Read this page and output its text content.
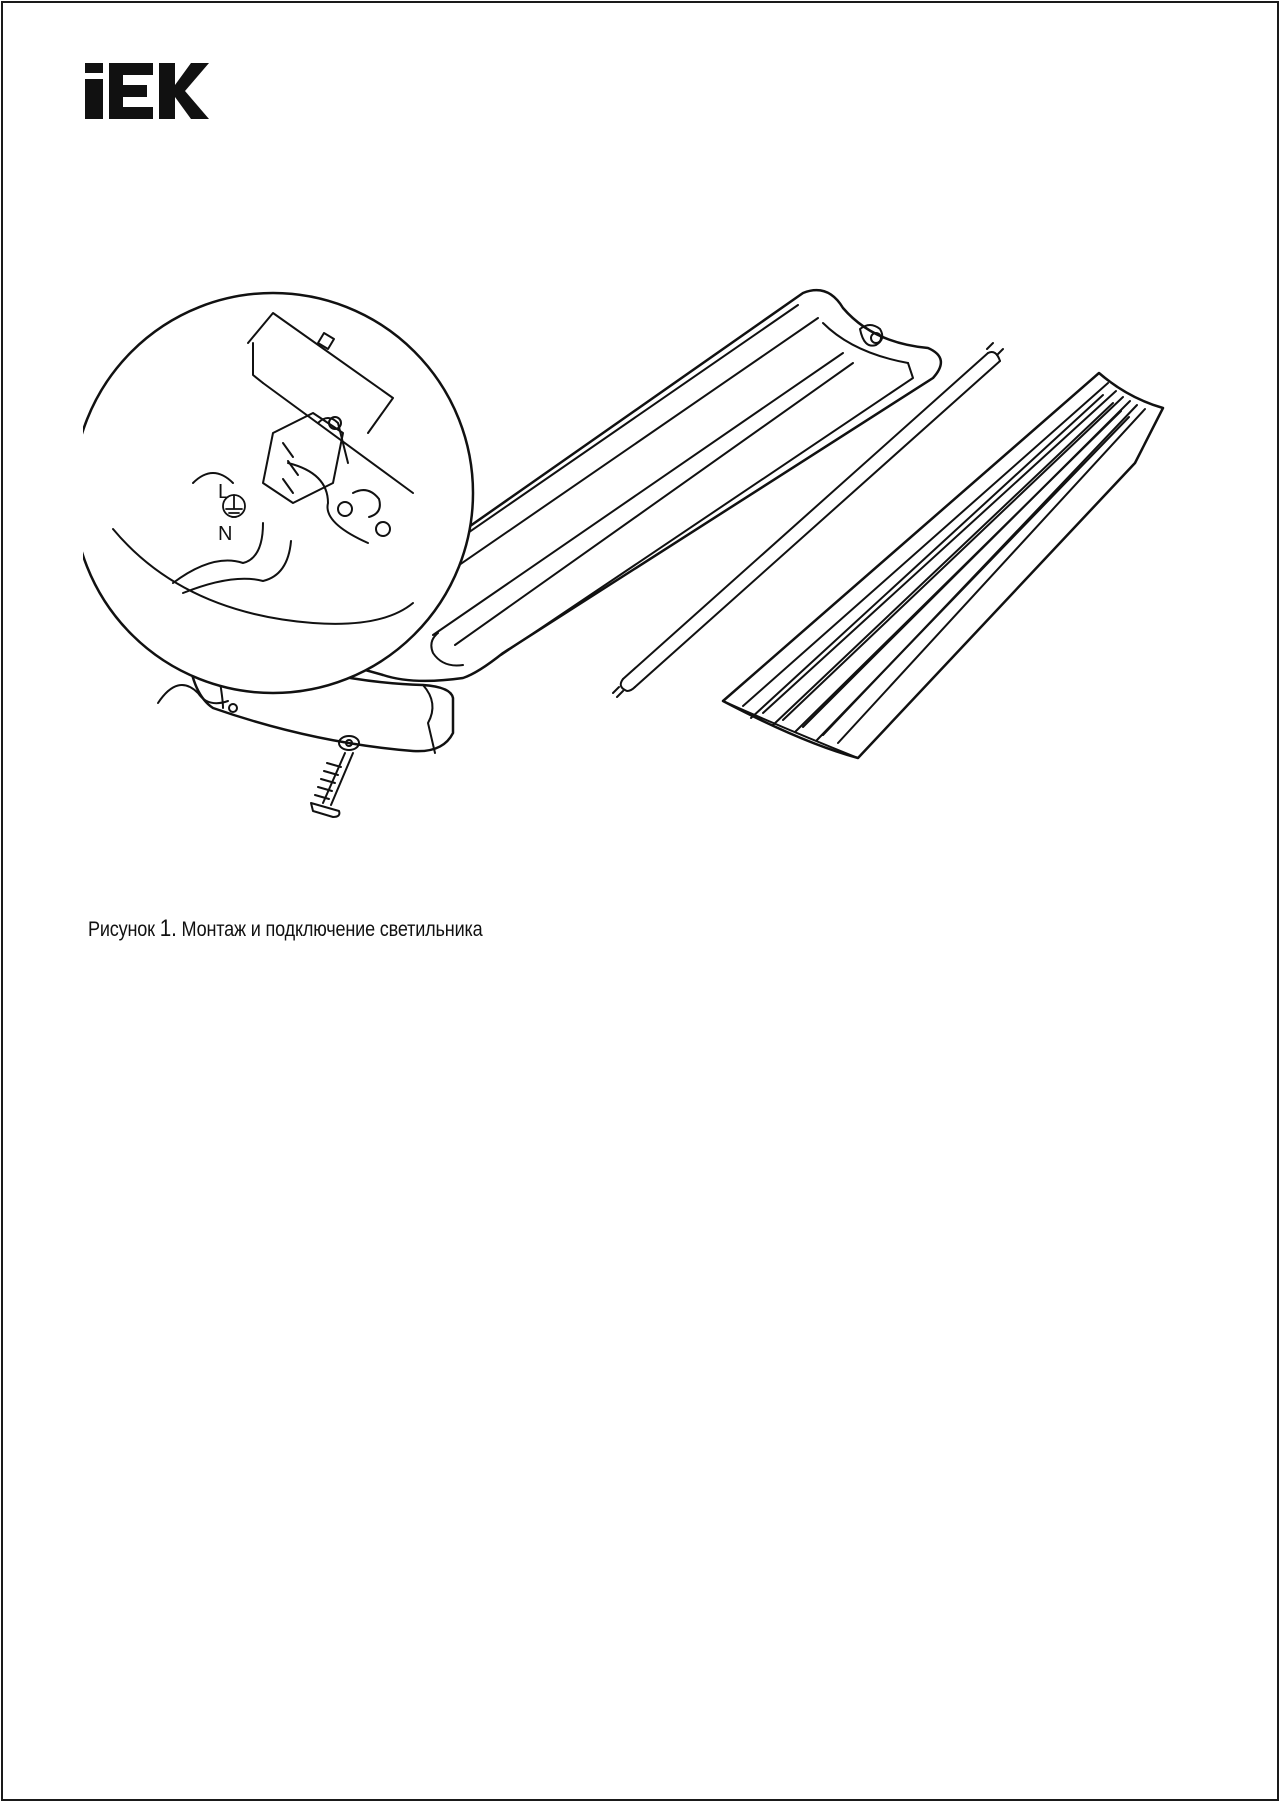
L
N
Рисунок 1. Монтаж и подключение светильника
